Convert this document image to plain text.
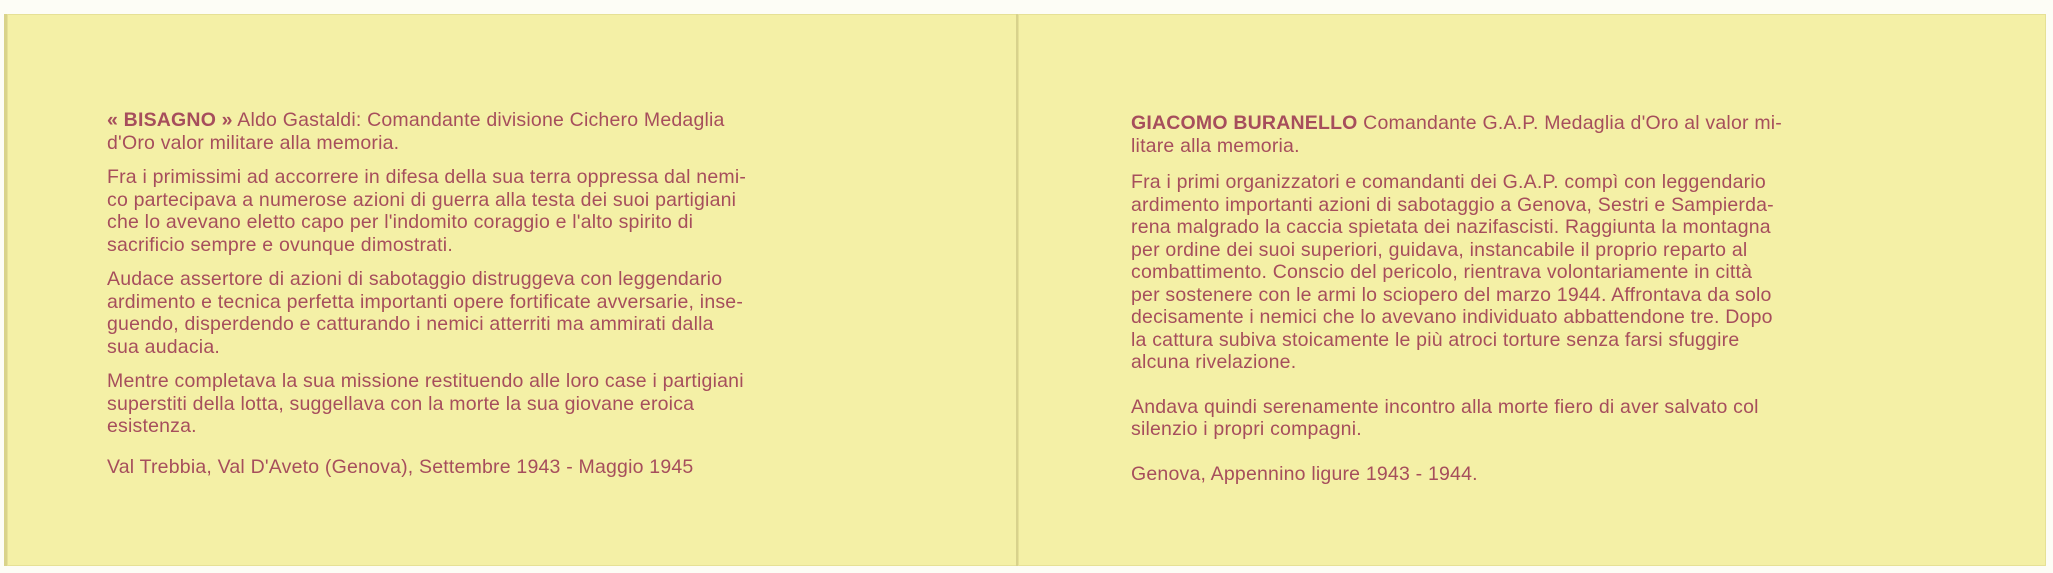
« BISAGNO » Aldo Gastaldi: Comandante divisione Cichero Medaglia
d'Oro valor militare alla memoria.

Fra i primissimi ad accorrere in difesa della sua terra oppressa dal nemi-
co partecipava a numerose azioni di guerra alla testa dei suoi partigiani
che lo avevano eletto capo per l'indomito coraggio e l'alto spirito di
sacrificio sempre e ovunque dimostrati.

Audace assertore di azioni di sabotaggio distruggeva con leggendario
ardimento e tecnica perfetta importanti opere fortificate avversarie, inse-
guendo, disperdendo e catturando i nemici atterriti ma ammirati dalla
sua audacia.

Mentre completava la sua missione restituendo alle loro case i partigiani
superstiti della lotta, suggellava con la morte la sua giovane eroica
esistenza.

Val Trebbia, Val D'Aveto (Genova), Settembre 1943 - Maggio 1945

GIACOMO BURANELLO Comandante G.A.P. Medaglia d'Oro al valor mi-
litare alla memoria.

Fra i primi organizzatori e comandanti dei G.A.P. compì con leggendario
ardimento importanti azioni di sabotaggio a Genova, Sestri e Sampierda-
rena malgrado la caccia spietata dei nazifascisti. Raggiunta la montagna
per ordine dei suoi superiori, guidava, instancabile il proprio reparto al
combattimento. Conscio del pericolo, rientrava volontariamente in città
per sostenere con le armi lo sciopero del marzo 1944. Affrontava da solo
decisamente i nemici che lo avevano individuato abbattendone tre. Dopo
la cattura subiva stoicamente le più atroci torture senza farsi sfuggire
alcuna rivelazione.

Andava quindi serenamente incontro alla morte fiero di aver salvato col
silenzio i propri compagni.

Genova, Appennino ligure 1943 - 1944.
